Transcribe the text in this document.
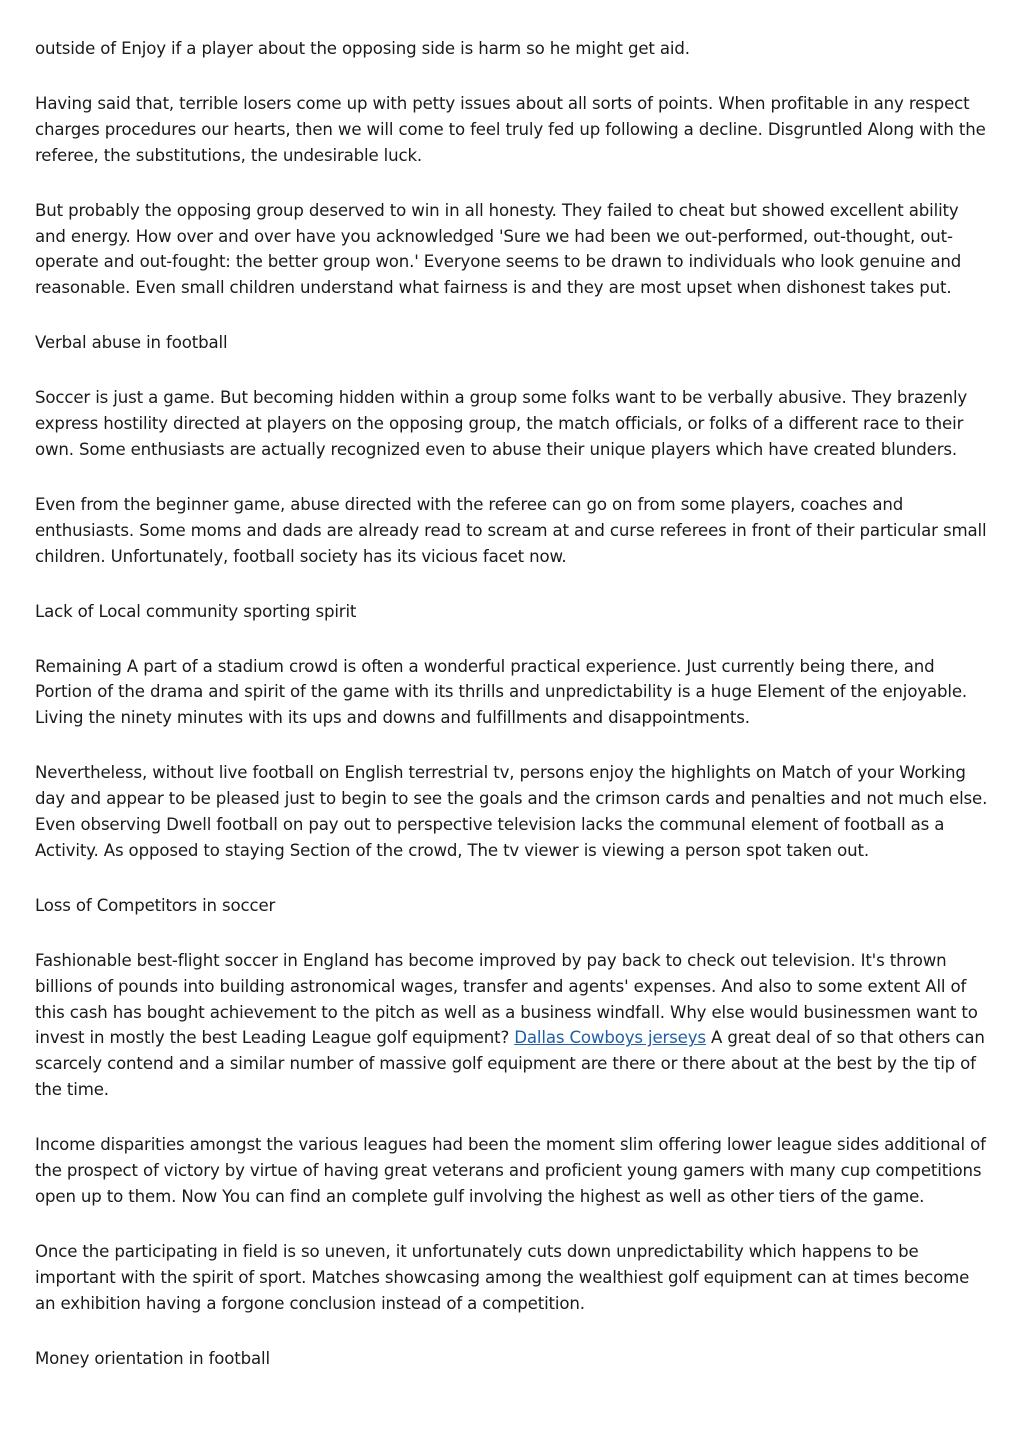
outside of Enjoy if a player about the opposing side is harm so he might get aid.

Having said that, terrible losers come up with petty issues about all sorts of points. When profitable in any respect charges procedures our hearts, then we will come to feel truly fed up following a decline. Disgruntled Along with the referee, the substitutions, the undesirable luck.

But probably the opposing group deserved to win in all honesty. They failed to cheat but showed excellent ability and energy. How over and over have you acknowledged 'Sure we had been we out-performed, out-thought, out-operate and out-fought: the better group won.' Everyone seems to be drawn to individuals who look genuine and reasonable. Even small children understand what fairness is and they are most upset when dishonest takes put.

Verbal abuse in football

Soccer is just a game. But becoming hidden within a group some folks want to be verbally abusive. They brazenly express hostility directed at players on the opposing group, the match officials, or folks of a different race to their own. Some enthusiasts are actually recognized even to abuse their unique players which have created blunders.

Even from the beginner game, abuse directed with the referee can go on from some players, coaches and enthusiasts. Some moms and dads are already read to scream at and curse referees in front of their particular small children. Unfortunately, football society has its vicious facet now.

Lack of Local community sporting spirit

Remaining A part of a stadium crowd is often a wonderful practical experience. Just currently being there, and Portion of the drama and spirit of the game with its thrills and unpredictability is a huge Element of the enjoyable. Living the ninety minutes with its ups and downs and fulfillments and disappointments.

Nevertheless, without live football on English terrestrial tv, persons enjoy the highlights on Match of your Working day and appear to be pleased just to begin to see the goals and the crimson cards and penalties and not much else. Even observing Dwell football on pay out to perspective television lacks the communal element of football as a Activity. As opposed to staying Section of the crowd, The tv viewer is viewing a person spot taken out.

Loss of Competitors in soccer

Fashionable best-flight soccer in England has become improved by pay back to check out television. It's thrown billions of pounds into building astronomical wages, transfer and agents' expenses. And also to some extent All of this cash has bought achievement to the pitch as well as a business windfall. Why else would businessmen want to invest in mostly the best Leading League golf equipment? Dallas Cowboys jerseys A great deal of so that others can scarcely contend and a similar number of massive golf equipment are there or there about at the best by the tip of the time.

Income disparities amongst the various leagues had been the moment slim offering lower league sides additional of the prospect of victory by virtue of having great veterans and proficient young gamers with many cup competitions open up to them. Now You can find an complete gulf involving the highest as well as other tiers of the game.

Once the participating in field is so uneven, it unfortunately cuts down unpredictability which happens to be important with the spirit of sport. Matches showcasing among the wealthiest golf equipment can at times become an exhibition having a forgone conclusion instead of a competition.

Money orientation in football
